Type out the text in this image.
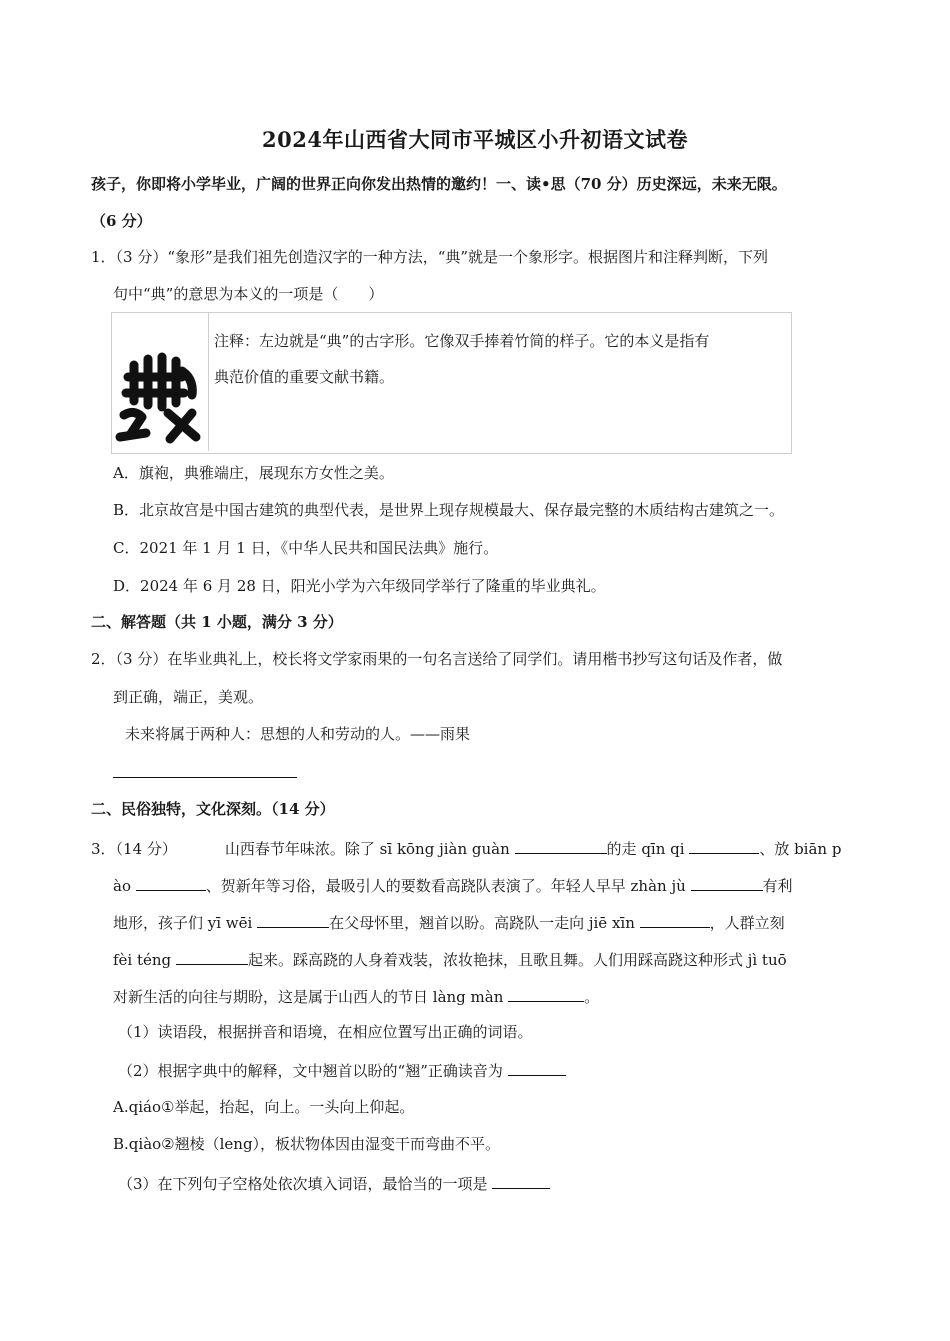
2024年山西省大同市平城区小升初语文试卷
孩子，你即将小学毕业，广阔的世界正向你发出热情的邀约！一、读•思（70 分）历史深远，未来无限。
（6 分）
1．（3 分）“象形”是我们祖先创造汉字的一种方法，“典”就是一个象形字。根据图片和注释判断，下列
句中“典”的意思为本义的一项是（　　）
注释：左边就是“典”的古字形。它像双手捧着竹简的样子。它的本义是指有
典范价值的重要文献书籍。
A．旗袍，典雅端庄，展现东方女性之美。
B．北京故宫是中国古建筑的典型代表，是世界上现存规模最大、保存最完整的木质结构古建筑之一。
C．2021 年 1 月 1 日，《中华人民共和国民法典》施行。
D．2024 年 6 月 28 日，阳光小学为六年级同学举行了隆重的毕业典礼。
二、解答题（共 1 小题，满分 3 分）
2．（3 分）在毕业典礼上，校长将文学家雨果的一句名言送给了同学们。请用楷书抄写这句话及作者，做
到正确，端正，美观。
未来将属于两种人：思想的人和劳动的人。——雨果
二、民俗独特，文化深刻。（14 分）
3．（14 分）	山西春节年味浓。除了 sī kōng jiàn guàn	的走 qīn qi	、放 biān p
ào	、贺新年等习俗，最吸引人的要数看高跷队表演了。年轻人早早 zhàn jù	有利
地形，孩子们 yī wēi	在父母怀里，翘首以盼。高跷队一走向 jiē xīn	，人群立刻
fèi téng	起来。踩高跷的人身着戏装，浓妆艳抹，且歌且舞。人们用踩高跷这种形式 jì tuō
对新生活的向往与期盼，这是属于山西人的节日 làng màn	。
（1）读语段，根据拼音和语境，在相应位置写出正确的词语。
（2）根据字典中的解释，文中翘首以盼的“翘”正确读音为
A.qiáo①举起，抬起，向上。一头向上仰起。
B.qiào②翘棱（leng），板状物体因由湿变干而弯曲不平。
（3）在下列句子空格处依次填入词语，最恰当的一项是
